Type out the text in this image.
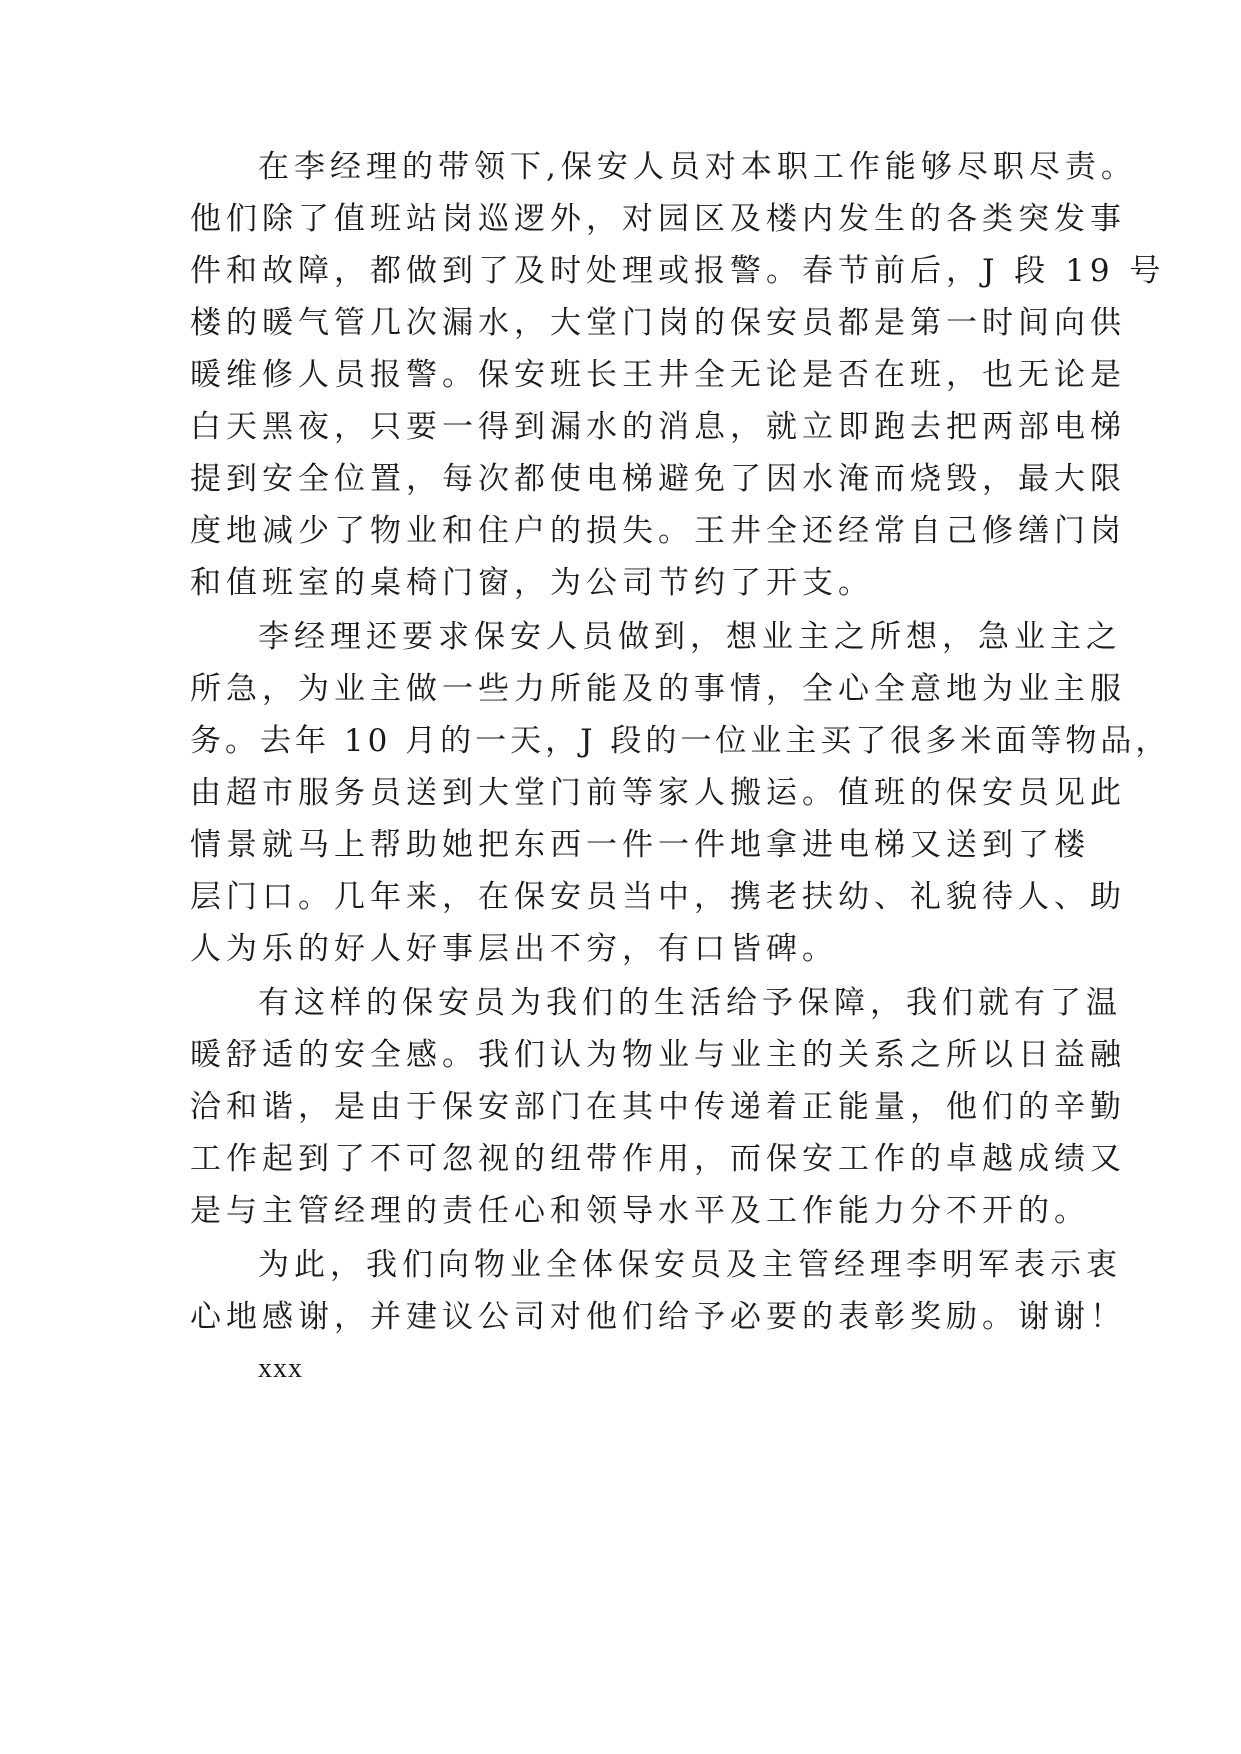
在李经理的带领下,保安人员对本职工作能够尽职尽责。
他们除了值班站岗巡逻外，对园区及楼内发生的各类突发事
件和故障，都做到了及时处理或报警。春节前后，J 段 19 号
楼的暖气管几次漏水，大堂门岗的保安员都是第一时间向供
暖维修人员报警。保安班长王井全无论是否在班，也无论是
白天黑夜，只要一得到漏水的消息，就立即跑去把两部电梯
提到安全位置，每次都使电梯避免了因水淹而烧毁，最大限
度地减少了物业和住户的损失。王井全还经常自己修缮门岗
和值班室的桌椅门窗，为公司节约了开支。
李经理还要求保安人员做到，想业主之所想，急业主之
所急，为业主做一些力所能及的事情，全心全意地为业主服
务。去年 10 月的一天，J 段的一位业主买了很多米面等物品，
由超市服务员送到大堂门前等家人搬运。值班的保安员见此
情景就马上帮助她把东西一件一件地拿进电梯又送到了楼
层门口。几年来，在保安员当中，携老扶幼、礼貌待人、助
人为乐的好人好事层出不穷，有口皆碑。
有这样的保安员为我们的生活给予保障，我们就有了温
暖舒适的安全感。我们认为物业与业主的关系之所以日益融
洽和谐，是由于保安部门在其中传递着正能量，他们的辛勤
工作起到了不可忽视的纽带作用，而保安工作的卓越成绩又
是与主管经理的责任心和领导水平及工作能力分不开的。
为此，我们向物业全体保安员及主管经理李明军表示衷
心地感谢，并建议公司对他们给予必要的表彰奖励。谢谢！
xxx
